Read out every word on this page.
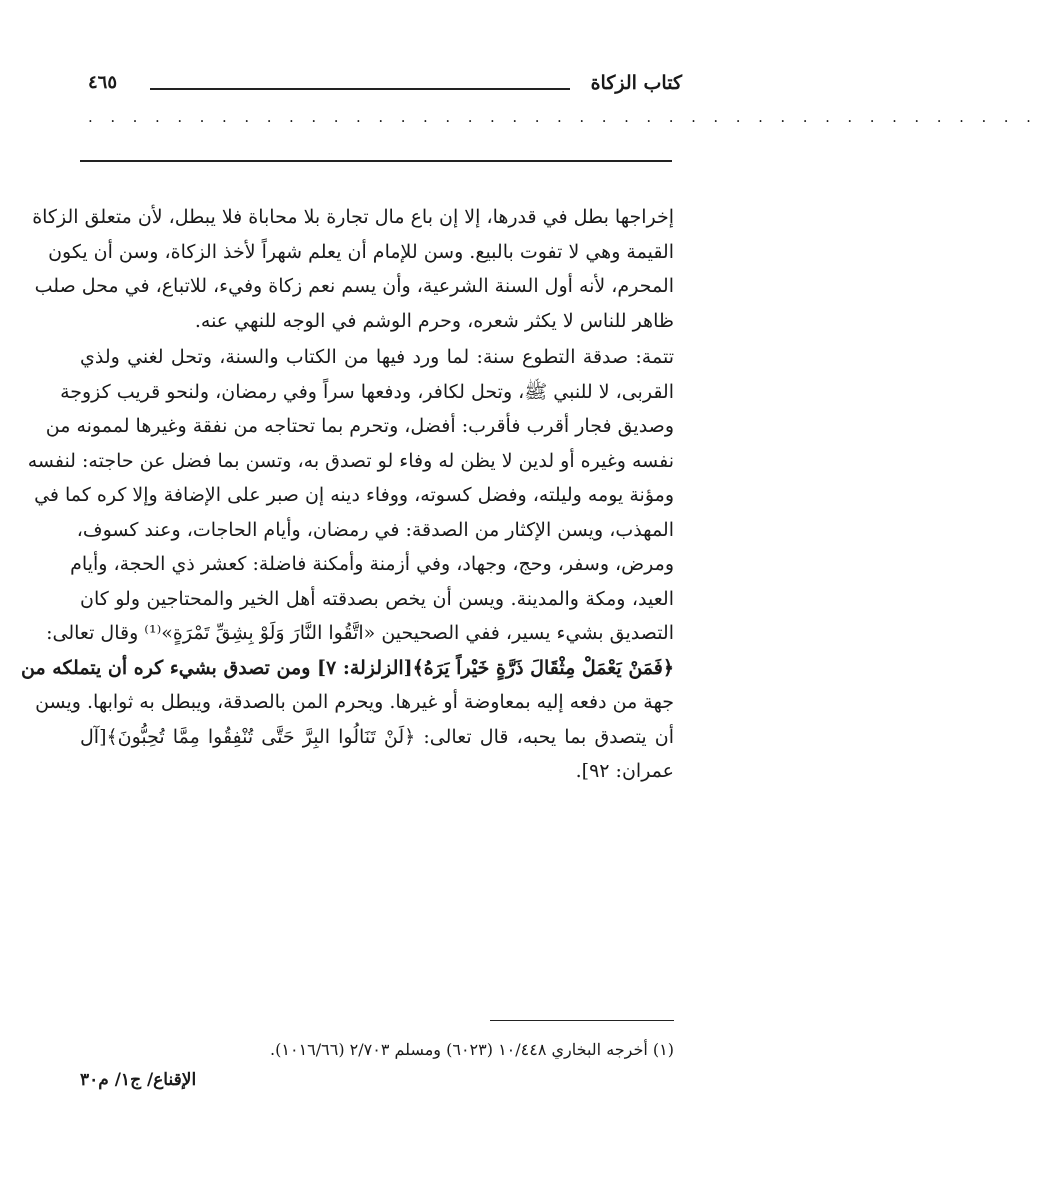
كتاب الزكاة
٤٦٥
. . . . . . . . . . . . . . . . . . . . . . . . . . . . . . . . . . . . . . . . . . .
إخراجها بطل في قدرها، إلا إن باع مال تجارة بلا محاباة فلا يبطل، لأن متعلق الزكاة
القيمة وهي لا تفوت بالبيع. وسن للإمام أن يعلم شهراً لأخذ الزكاة، وسن أن يكون
المحرم، لأنه أول السنة الشرعية، وأن يسم نعم زكاة وفيء، للاتباع، في محل صلب
ظاهر للناس لا يكثر شعره، وحرم الوشم في الوجه للنهي عنه.
تتمة: صدقة التطوع سنة: لما ورد فيها من الكتاب والسنة، وتحل لغني ولذي
القربى، لا للنبي ﷺ، وتحل لكافر، ودفعها سراً وفي رمضان، ولنحو قريب كزوجة
وصديق فجار أقرب فأقرب: أفضل، وتحرم بما تحتاجه من نفقة وغيرها لممونه من
نفسه وغيره أو لدين لا يظن له وفاء لو تصدق به، وتسن بما فضل عن حاجته: لنفسه
ومؤنة يومه وليلته، وفضل كسوته، ووفاء دينه إن صبر على الإضافة وإلا كره كما في
المهذب، ويسن الإكثار من الصدقة: في رمضان، وأيام الحاجات، وعند كسوف،
ومرض، وسفر، وحج، وجهاد، وفي أزمنة وأمكنة فاضلة: كعشر ذي الحجة، وأيام
العيد، ومكة والمدينة. ويسن أن يخص بصدقته أهل الخير والمحتاجين ولو كان
التصديق بشيء يسير، ففي الصحيحين «اتَّقُوا النَّارَ وَلَوْ بِشِقِّ تَمْرَةٍ»⁽¹⁾ وقال تعالى:
﴿فَمَنْ يَعْمَلْ مِثْقَالَ ذَرَّةٍ خَيْراً يَرَهُ﴾[الزلزلة: ٧] ومن تصدق بشيء كره أن يتملكه من
جهة من دفعه إليه بمعاوضة أو غيرها. ويحرم المن بالصدقة، ويبطل به ثوابها. ويسن
أن يتصدق بما يحبه، قال تعالى: ﴿لَنْ تَنَالُوا البِرَّ حَتَّى تُنْفِقُوا مِمَّا تُحِبُّونَ﴾[آل
عمران: ٩٢].
(١) أخرجه البخاري ١٠/٤٤٨ (٦٠٢٣) ومسلم ٢/٧٠٣ (١٠١٦/٦٦).
الإقناع/ ج١/ م٣٠
